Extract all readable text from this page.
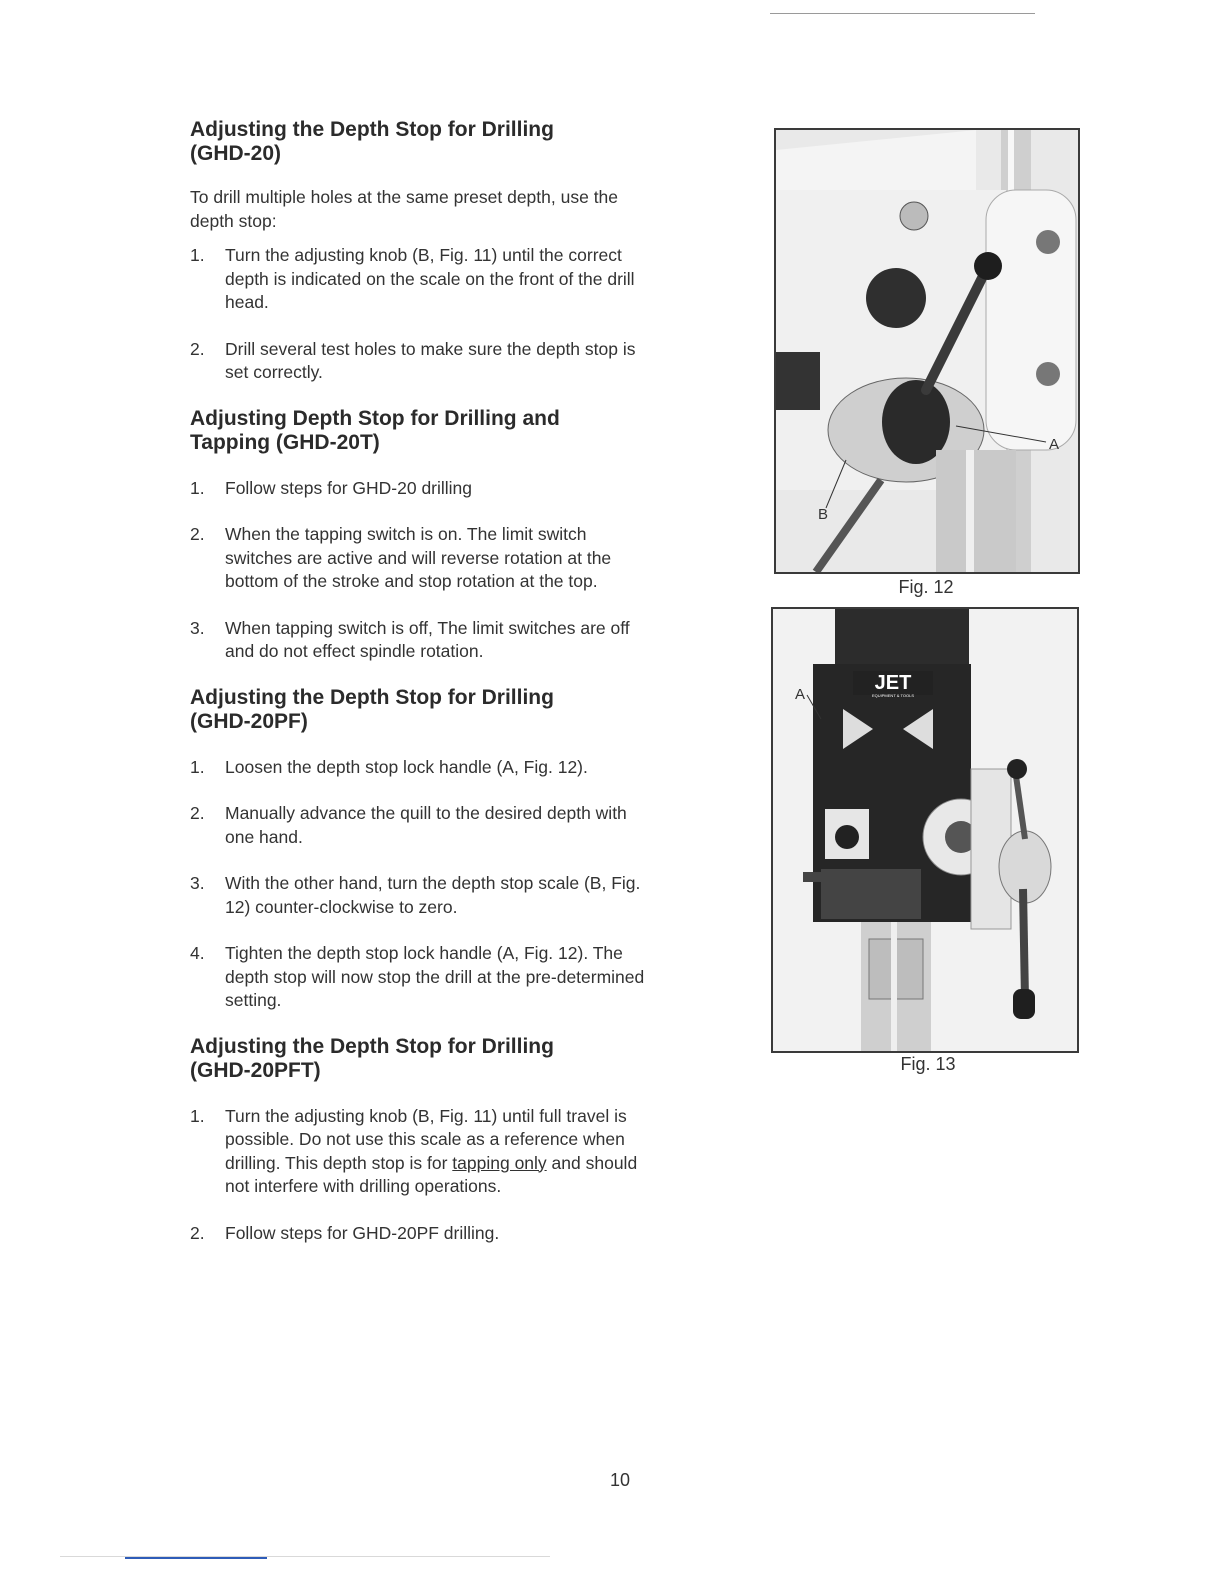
Adjusting the Depth Stop for Drilling
(GHD-20)

To drill multiple holes at the same preset depth, use the depth stop:

1. Turn the adjusting knob (B, Fig. 11) until the correct depth is indicated on the scale on the front of the drill head.
2. Drill several test holes to make sure the depth stop is set correctly.
Adjusting Depth Stop for Drilling and
Tapping (GHD-20T)
1. Follow steps for GHD-20 drilling
2. When the tapping switch is on. The limit switch switches are active and will reverse rotation at the bottom of the stroke and stop rotation at the top.
3. When tapping switch is off, The limit switches are off and do not effect spindle rotation.
Adjusting the Depth Stop for Drilling
(GHD-20PF)
1. Loosen the depth stop lock handle (A, Fig. 12).
2. Manually advance the quill to the desired depth with one hand.
3. With the other hand, turn the depth stop scale (B, Fig. 12) counter-clockwise to zero.
4. Tighten the depth stop lock handle (A, Fig. 12). The depth stop will now stop the drill at the pre-determined setting.
Adjusting the Depth Stop for Drilling
(GHD-20PFT)
1. Turn the adjusting knob (B, Fig. 11) until full travel is possible. Do not use this scale as a reference when drilling. This depth stop is for tapping only and should not interfere with drilling operations.
2. Follow steps for GHD-20PF drilling.
A
B
Fig. 12
JET
EQUIPMENT & TOOLS
A
Fig. 13
10
